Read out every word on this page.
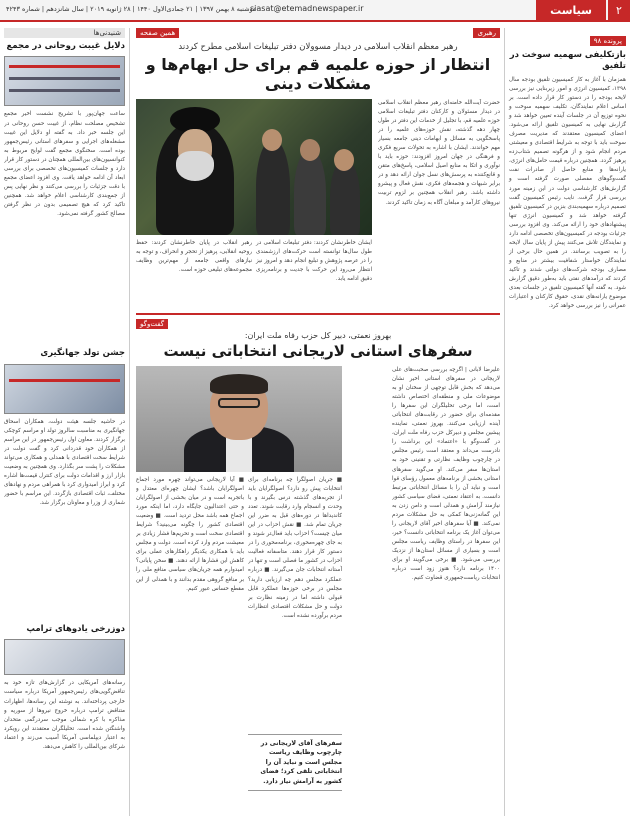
۲
سیاست
siasat@etemadnewspaper.ir
دوشنبه ۸ بهمن ۱۳۹۷ | ۲۱ جمادی‌الاول ۱۴۴۰ | ۲۸ ژانویه ۲۰۱۹ | سال شانزدهم | شماره ۴۲۴۳
پرونده ۹۸
بازتکلیفی سهمیه سوخت در تلفیق
همزمان با آغاز به کار کمیسیون تلفیق بودجه سال ۱۳۹۸، کمیسیون انرژی و امور زیربنایی نیز بررسی لایحه بودجه را در دستور کار قرار داده است. بر اساس اعلام نمایندگان، تکلیف سهمیه سوخت و نحوه توزیع آن در جلسات آینده تعیین خواهد شد و گزارش نهایی به کمیسیون تلفیق ارائه می‌شود. اعضای کمیسیون معتقدند که مدیریت مصرف سوخت باید با توجه به شرایط اقتصادی و معیشتی مردم انجام شود و از هرگونه تصمیم شتاب‌زده پرهیز گردد. همچنین درباره قیمت حامل‌های انرژی، یارانه‌ها و منابع حاصل از صادرات نفت گفت‌وگوهای مفصلی صورت گرفته است و گزارش‌های کارشناسی دولت در این زمینه مورد بررسی قرار گرفت. نایب رئیس کمیسیون گفت تصمیم درباره سهمیه‌بندی بنزین در کمیسیون تلفیق گرفته خواهد شد و کمیسیون انرژی تنها پیشنهادهای خود را ارائه می‌کند. وی افزود بررسی جزئیات بودجه در کمیسیون‌های تخصصی ادامه دارد و نمایندگان تلاش می‌کنند پیش از پایان سال لایحه را به تصویب برسانند. در همین حال برخی از نمایندگان خواستار شفافیت بیشتر در منابع و مصارف بودجه شرکت‌های دولتی شدند و تاکید کردند که درآمدهای نفتی باید به‌طور دقیق گزارش شود. به گفته آنها کمیسیون تلفیق در جلسات بعدی موضوع یارانه‌های نقدی، حقوق کارکنان و اعتبارات عمرانی را نیز بررسی خواهد کرد.
شنیدنی‌ها
دلایل غیبت روحانی در مجمع
ساعت جهان‌پور با تشریح نشست اخیر مجمع تشخیص مصلحت نظام، از غیبت حسن روحانی در این جلسه خبر داد. به گفته او دلایل این غیبت مشغله‌های اجرایی و سفرهای استانی رئیس‌جمهور بوده است. سخنگوی مجمع گفت لوایح مربوط به کنوانسیون‌های بین‌المللی همچنان در دستور کار قرار دارد و جلسات کمیسیون‌های تخصصی برای بررسی ابعاد آن ادامه خواهد یافت. وی افزود اعضای مجمع با دقت جزئیات را بررسی می‌کنند و نظر نهایی پس از جمع‌بندی کارشناسی اعلام خواهد شد. همچنین تاکید کرد که هیچ تصمیمی بدون در نظر گرفتن مصالح کشور گرفته نمی‌شود.
جشن تولد جهانگیری
در حاشیه جلسه هیئت دولت، همکاران اسحاق جهانگیری به مناسبت سالروز تولد او مراسم کوچکی برگزار کردند. معاون اول رئیس‌جمهور در این مراسم از همکاران خود قدردانی کرد و گفت دولت در شرایط سخت اقتصادی با همدلی و همکاری می‌تواند مشکلات را پشت سر بگذارد. وی همچنین به وضعیت بازار ارز و اقدامات دولت برای کنترل قیمت‌ها اشاره کرد و ابراز امیدواری کرد با همراهی مردم و نهادهای مختلف، ثبات اقتصادی بازگردد. این مراسم با حضور شماری از وزرا و معاونان برگزار شد.
دوز‌رخی یادوهای ترامپ
رسانه‌های آمریکایی در گزارش‌های تازه خود به تناقض‌گویی‌های رئیس‌جمهور آمریکا درباره سیاست خارجی پرداخته‌اند. به نوشته این رسانه‌ها، اظهارات متناقض ترامپ درباره خروج نیروها از سوریه و مذاکره با کره شمالی موجب سردرگمی متحدان واشنگتن شده است. تحلیلگران معتقدند این رویکرد به اعتبار دیپلماسی آمریکا آسیب می‌زند و اعتماد شرکای بین‌المللی را کاهش می‌دهد.
رهبری
همین صفحه
رهبر معظم انقلاب اسلامی در دیدار مسوولان دفتر تبلیغات اسلامی مطرح کردند
انتظار از حوزه علمیه قم برای حل ابهام‌ها و مشکلات دینی
حضرت آیت‌الله خامنه‌ای رهبر معظم انقلاب اسلامی در دیدار مسئولان و کارکنان دفتر تبلیغات اسلامی حوزه علمیه قم، با تجلیل از خدمات این دفتر در طول چهار دهه گذشته، نقش حوزه‌های علمیه را در پاسخگویی به مسائل و ابهامات دینی جامعه بسیار مهم خواندند. ایشان با اشاره به تحولات سریع فکری و فرهنگی در جهان امروز افزودند: حوزه باید با نوآوری و اتکا به منابع اصیل اسلامی، پاسخ‌های متقن و قانع‌کننده به پرسش‌های نسل جوان ارائه دهد و در برابر شبهات و هجمه‌های فکری، نقش فعال و پیشرو داشته باشد. رهبر انقلاب همچنین بر لزوم تربیت نیروهای کارآمد و مبلغان آگاه به زمان تاکید کردند.
ایشان خاطرنشان کردند: دفتر تبلیغات اسلامی در طول سال‌ها توانسته است حرکت‌های ارزشمندی را در عرصه پژوهش و تبلیغ انجام دهد و امروز نیز انتظار می‌رود این حرکت با جدیت و برنامه‌ریزی دقیق ادامه یابد.
رهبر انقلاب در پایان خاطرنشان کردند: حفظ روحیه انقلابی، پرهیز از تحجر و انحراف، و توجه به نیازهای واقعی جامعه از مهم‌ترین وظایف مجموعه‌های تبلیغی حوزه است.
گفت‌وگو
بهروز نعمتی، دبیر کل حزب رفاه ملت ایران:
سفرهای استانی لاریجانی انتخاباتی نیست
علیرضا لابانی | اگرچه بررسی صحبت‌های علی لاریجانی در سفرهای استانی اخیر نشان می‌دهد که بخش قابل توجهی از سخنان او به موضوعات ملی و منطقه‌ای اختصاص داشته است، اما برخی تحلیلگران این سفرها را مقدمه‌ای برای حضور در رقابت‌های انتخاباتی آینده ارزیابی می‌کنند. بهروز نعمتی، نماینده پیشین مجلس و دبیرکل حزب رفاه ملت ایران، در گفت‌وگو با «اعتماد» این برداشت را نادرست می‌داند و معتقد است رئیس مجلس در چارچوب وظایف نظارتی و تقنینی خود به استان‌ها سفر می‌کند. او می‌گوید سفرهای استانی بخشی از برنامه‌های معمول رؤسای قوا است و نباید آن را با مسائل انتخاباتی مرتبط دانست. به اعتقاد نعمتی، فضای سیاسی کشور نیازمند آرامش و همدلی است و دامن زدن به این گمانه‌زنی‌ها کمکی به حل مشکلات مردم نمی‌کند. ■ آیا سفرهای اخیر آقای لاریجانی را می‌توان آغاز یک برنامه انتخاباتی دانست؟ خیر، این سفرها در راستای وظایف ریاست مجلس است و بسیاری از مسائل استان‌ها از نزدیک بررسی می‌شود. ■ برخی می‌گویند او برای ۱۴۰۰ برنامه دارد؟ هنوز زود است درباره انتخابات ریاست‌جمهوری قضاوت کنیم.
■ جریان اصولگرا چه برنامه‌ای برای انتخابات پیش رو دارد؟ اصولگرایان باید از تجربه‌های گذشته درس بگیرند و با وحدت و انسجام وارد رقابت شوند. تعدد کاندیداها در دوره‌های قبل به ضرر این جریان تمام شد. ■ نقش احزاب در این میان چیست؟ احزاب باید فعال‌تر شوند و به جای چهره‌محوری، برنامه‌محوری را در دستور کار قرار دهند. متاسفانه فعالیت احزاب در کشور ما فصلی است و تنها در آستانه انتخابات جان می‌گیرند. ■ درباره عملکرد مجلس دهم چه ارزیابی دارید؟ مجلس در برخی حوزه‌ها عملکرد قابل قبولی داشته اما در زمینه نظارت بر دولت و حل مشکلات اقتصادی انتظارات مردم برآورده نشده است.
سفرهای آقای لاریجانی در چارچوب وظایف ریاست مجلس است و نباید آن را انتخاباتی تلقی کرد؛ فضای کشور به آرامش نیاز دارد.
■ آیا لاریجانی می‌تواند چهره مورد اجماع اصولگرایان باشد؟ ایشان چهره‌ای معتدل و باتجربه است و در میان بخشی از اصولگرایان و حتی اعتدالیون جایگاه دارد، اما اینکه مورد اجماع همه باشد محل تردید است. ■ وضعیت اقتصادی کشور را چگونه می‌بینید؟ شرایط اقتصادی سخت است و تحریم‌ها فشار زیادی بر معیشت مردم وارد کرده است. دولت و مجلس باید با همکاری یکدیگر راهکارهای عملی برای کاهش این فشارها ارائه دهند. ■ سخن پایانی؟ امیدوارم همه جریان‌های سیاسی منافع ملی را بر منافع گروهی مقدم بدانند و با همدلی از این مقطع حساس عبور کنیم.
